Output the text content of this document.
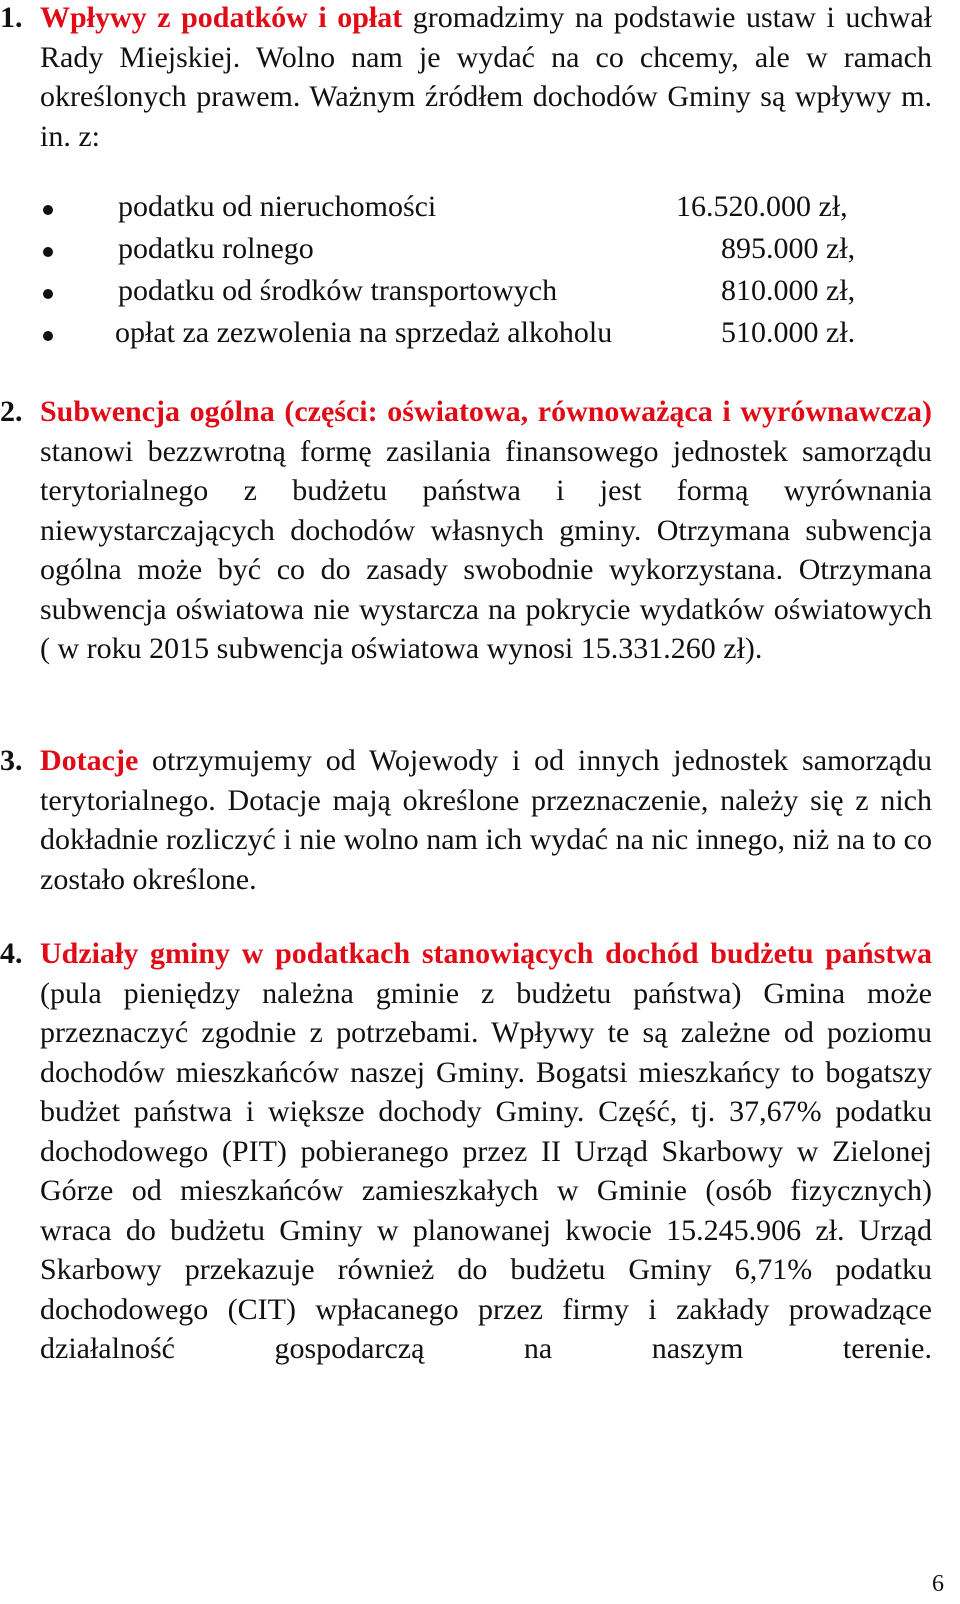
1. Wpływy z podatków i opłat gromadzimy na podstawie ustaw i uchwał Rady Miejskiej. Wolno nam je wydać na co chcemy, ale w ramach określonych prawem. Ważnym źródłem dochodów Gminy są wpływy m. in. z:
podatku od nieruchomości	16.520.000 zł,
podatku rolnego	895.000 zł,
podatku od środków transportowych	810.000 zł,
opłat za zezwolenia na sprzedaż alkoholu	510.000 zł.
2. Subwencja ogólna (części: oświatowa, równoważąca i wyrównawcza) stanowi bezzwrotną formę zasilania finansowego jednostek samorządu terytorialnego z budżetu państwa i jest formą wyrównania niewystarczających dochodów własnych gminy. Otrzymana subwencja ogólna może być co do zasady swobodnie wykorzystana. Otrzymana subwencja oświatowa nie wystarcza na pokrycie wydatków oświatowych ( w roku 2015 subwencja oświatowa wynosi 15.331.260 zł).
3. Dotacje otrzymujemy od Wojewody i od innych jednostek samorządu terytorialnego. Dotacje mają określone przeznaczenie, należy się z nich dokładnie rozliczyć i nie wolno nam ich wydać na nic innego, niż na to co zostało określone.
4. Udziały gminy w podatkach stanowiących dochód budżetu państwa (pula pieniędzy należna gminie z budżetu państwa) Gmina może przeznaczyć zgodnie z potrzebami. Wpływy te są zależne od poziomu dochodów mieszkańców naszej Gminy. Bogatsi mieszkańcy to bogatszy budżet państwa i większe dochody Gminy. Część, tj. 37,67% podatku dochodowego (PIT) pobieranego przez II Urząd Skarbowy w Zielonej Górze od mieszkańców zamieszkałych w Gminie (osób fizycznych) wraca do budżetu Gminy w planowanej kwocie 15.245.906 zł. Urząd Skarbowy przekazuje również do budżetu Gminy 6,71% podatku dochodowego (CIT) wpłacanego przez firmy i zakłady prowadzące działalność gospodarczą na naszym terenie.
6
